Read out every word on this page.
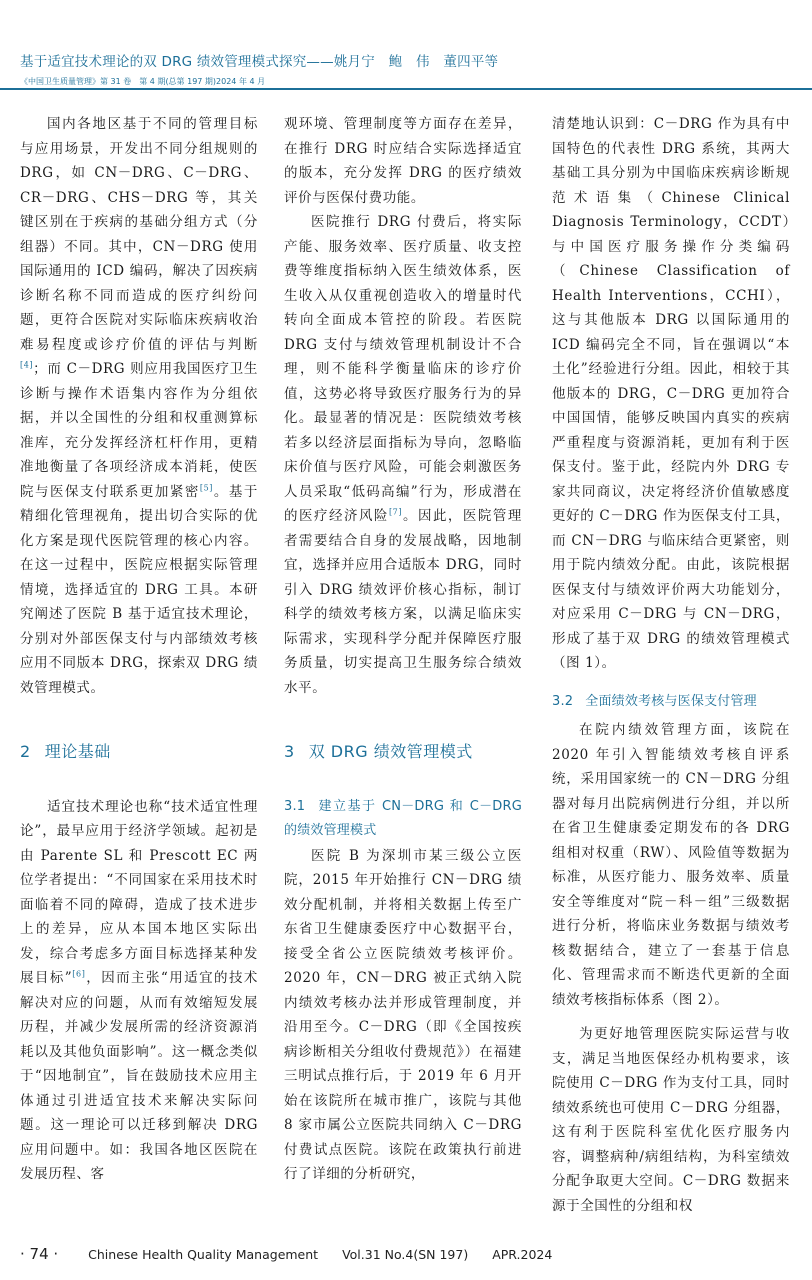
基于适宜技术理论的双 DRG 绩效管理模式探究——姚月宁　鲍　伟　董四平等
《中国卫生质量管理》第 31 卷　第 4 期(总第 197 期)2024 年 4 月

国内各地区基于不同的管理目标与应用场景，开发出不同分组规则的 DRG，如 CN－DRG、C－DRG、CR－DRG、CHS－DRG 等，其关键区别在于疾病的基础分组方式（分组器）不同。其中，CN－DRG 使用国际通用的 ICD 编码，解决了因疾病诊断名称不同而造成的医疗纠纷问题，更符合医院对实际临床疾病收治难易程度或诊疗价值的评估与判断[4]；而 C－DRG 则应用我国医疗卫生诊断与操作术语集内容作为分组依据，并以全国性的分组和权重测算标准库，充分发挥经济杠杆作用，更精准地衡量了各项经济成本消耗，使医院与医保支付联系更加紧密[5]。基于精细化管理视角，提出切合实际的优化方案是现代医院管理的核心内容。在这一过程中，医院应根据实际管理情境，选择适宜的 DRG 工具。本研究阐述了医院 B 基于适宜技术理论，分别对外部医保支付与内部绩效考核应用不同版本 DRG，探索双 DRG 绩效管理模式。

2 理论基础

适宜技术理论也称“技术适宜性理论”，最早应用于经济学领域。起初是由 Parente SL 和 Prescott EC 两位学者提出：“不同国家在采用技术时面临着不同的障碍，造成了技术进步上的差异，应从本国本地区实际出发，综合考虑多方面目标选择某种发展目标”[6]，因而主张“用适宜的技术解决对应的问题，从而有效缩短发展历程，并减少发展所需的经济资源消耗以及其他负面影响”。这一概念类似于“因地制宜”，旨在鼓励技术应用主体通过引进适宜技术来解决实际问题。这一理论可以迁移到解决 DRG 应用问题中。如：我国各地区医院在发展历程、客

观环境、管理制度等方面存在差异，在推行 DRG 时应结合实际选择适宜的版本，充分发挥 DRG 的医疗绩效评价与医保付费功能。

医院推行 DRG 付费后，将实际产能、服务效率、医疗质量、收支控费等维度指标纳入医生绩效体系，医生收入从仅重视创造收入的增量时代转向全面成本管控的阶段。若医院 DRG 支付与绩效管理机制设计不合理，则不能科学衡量临床的诊疗价值，这势必将导致医疗服务行为的异化。最显著的情况是：医院绩效考核若多以经济层面指标为导向，忽略临床价值与医疗风险，可能会刺激医务人员采取“低码高编”行为，形成潜在的医疗经济风险[7]。因此，医院管理者需要结合自身的发展战略，因地制宜，选择并应用合适版本 DRG，同时引入 DRG 绩效评价核心指标，制订科学的绩效考核方案，以满足临床实际需求，实现科学分配并保障医疗服务质量，切实提高卫生服务综合绩效水平。

3 双 DRG 绩效管理模式
3.1 建立基于 CN－DRG 和 C－DRG 的绩效管理模式

医院 B 为深圳市某三级公立医院，2015 年开始推行 CN－DRG 绩效分配机制，并将相关数据上传至广东省卫生健康委医疗中心数据平台，接受全省公立医院绩效考核评价。2020 年，CN－DRG 被正式纳入院内绩效考核办法并形成管理制度，并沿用至今。C－DRG（即《全国按疾病诊断相关分组收付费规范》）在福建三明试点推行后，于 2019 年 6 月开始在该院所在城市推广，该院与其他 8 家市属公立医院共同纳入 C－DRG 付费试点医院。该院在政策执行前进行了详细的分析研究，

清楚地认识到：C－DRG 作为具有中国特色的代表性 DRG 系统，其两大基础工具分别为中国临床疾病诊断规范术语集（Chinese Clinical Diagnosis Terminology，CCDT）与中国医疗服务操作分类编码（Chinese Classification of Health Interventions，CCHI），这与其他版本 DRG 以国际通用的 ICD 编码完全不同，旨在强调以“本土化”经验进行分组。因此，相较于其他版本的 DRG，C－DRG 更加符合中国国情，能够反映国内真实的疾病严重程度与资源消耗，更加有利于医保支付。鉴于此，经院内外 DRG 专家共同商议，决定将经济价值敏感度更好的 C－DRG 作为医保支付工具，而 CN－DRG 与临床结合更紧密，则用于院内绩效分配。由此，该院根据医保支付与绩效评价两大功能划分，对应采用 C－DRG 与 CN－DRG，形成了基于双 DRG 的绩效管理模式（图 1）。

3.2 全面绩效考核与医保支付管理

在院内绩效管理方面，该院在 2020 年引入智能绩效考核自评系统，采用国家统一的 CN－DRG 分组器对每月出院病例进行分组，并以所在省卫生健康委定期发布的各 DRG 组相对权重（RW）、风险值等数据为标准，从医疗能力、服务效率、质量安全等维度对“院－科－组”三级数据进行分析，将临床业务数据与绩效考核数据结合，建立了一套基于信息化、管理需求而不断迭代更新的全面绩效考核指标体系（图 2）。

为更好地管理医院实际运营与收支，满足当地医保经办机构要求，该院使用 C－DRG 作为支付工具，同时绩效系统也可使用 C－DRG 分组器，这有利于医院科室优化医疗服务内容，调整病种/病组结构，为科室绩效分配争取更大空间。C－DRG 数据来源于全国性的分组和权

· 74 · Chinese Health Quality Management Vol.31 No.4(SN 197) APR.2024
